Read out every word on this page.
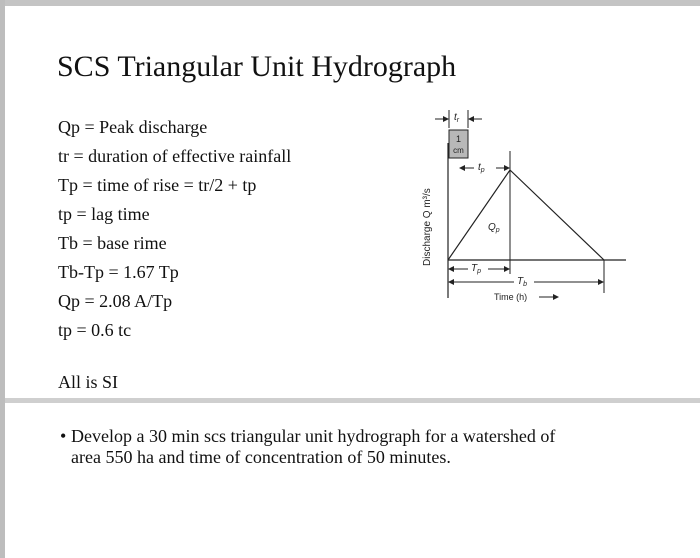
SCS Triangular Unit Hydrograph
Qp = Peak discharge
tr = duration of effective rainfall
Tp = time of rise = tr/2 + tp
tp = lag time
Tb = base rime
Tb-Tp = 1.67 Tp
Qp = 2.08 A/Tp
tp = 0.6 tc
All is SI
• Develop a 30 min scs triangular unit hydrograph for a watershed of
area 550 ha and time of concentration of 50 minutes.
Discharge Q m³/s
1
cm
$t_r$
$t_p$
$Q_p$
$T_p$
$T_b$
Time (h)
